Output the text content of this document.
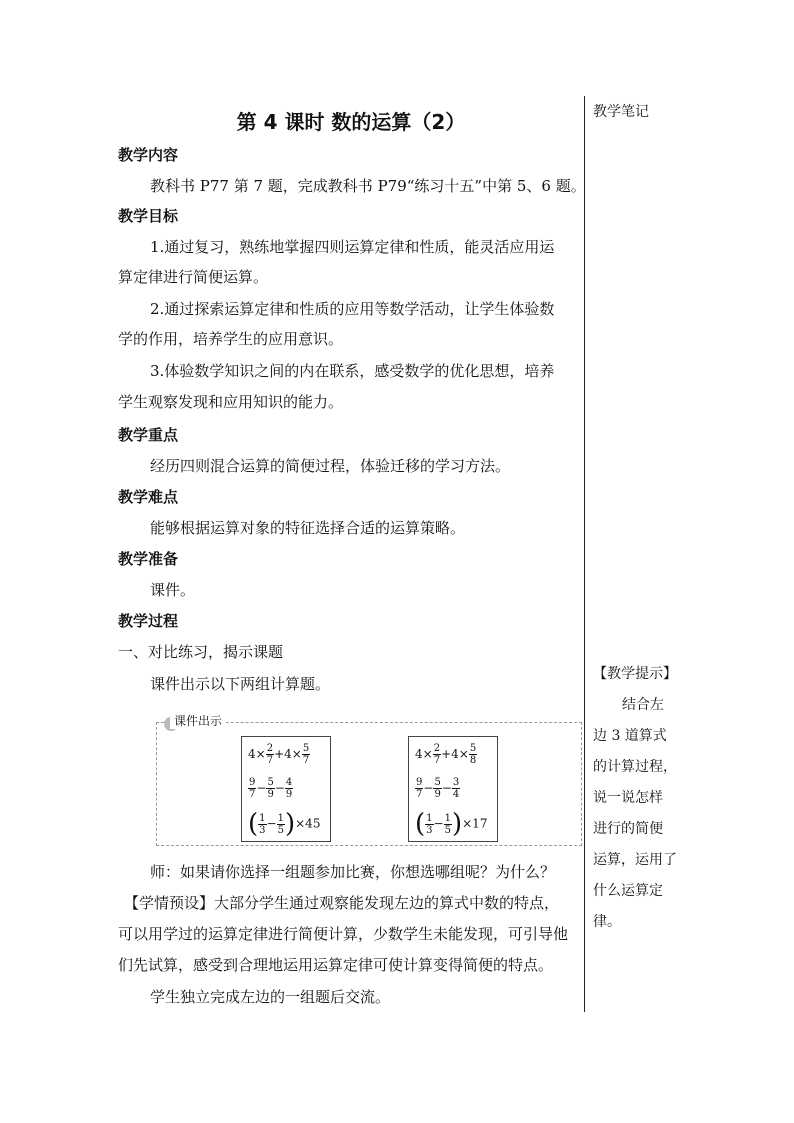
第 4 课时 数的运算（2）	教学笔记
教学内容
教科书 P77 第 7 题，完成教科书 P79“练习十五”中第 5、6 题。
教学目标
1.通过复习，熟练地掌握四则运算定律和性质，能灵活应用运
算定律进行简便运算。
2.通过探索运算定律和性质的应用等数学活动，让学生体验数
学的作用，培养学生的应用意识。
3.体验数学知识之间的内在联系，感受数学的优化思想，培养
学生观察发现和应用知识的能力。
教学重点
经历四则混合运算的简便过程，体验迁移的学习方法。
教学难点
能够根据运算对象的特征选择合适的运算策略。
教学准备
课件。
教学过程
一、对比练习，揭示课题
课件出示以下两组计算题。
课件出示
$4\times \frac{2}{7} +4\times \frac{5}{7}$
$\frac{9}{7} - \frac{5}{9} - \frac{4}{9}$
( $\frac{1}{3} - \frac{1}{5} )\times 45$
$4\times \frac{2}{7} +4\times \frac{5}{8}$
$\frac{9}{7} - \frac{5}{9} - \frac{3}{4}$
( $\frac{1}{3} - \frac{1}{5} )\times 17$
师：如果请你选择一组题参加比赛，你想选哪组呢？为什么？
【学情预设】大部分学生通过观察能发现左边的算式中数的特点，
可以用学过的运算定律进行简便计算，少数学生未能发现，可引导他
们先试算，感受到合理地运用运算定律可使计算变得简便的特点。
学生独立完成左边的一组题后交流。
【教学提示】
结合左
边 3 道算式
的计算过程，
说一说怎样
进行的简便
运算，运用了
什么运算定
律。
